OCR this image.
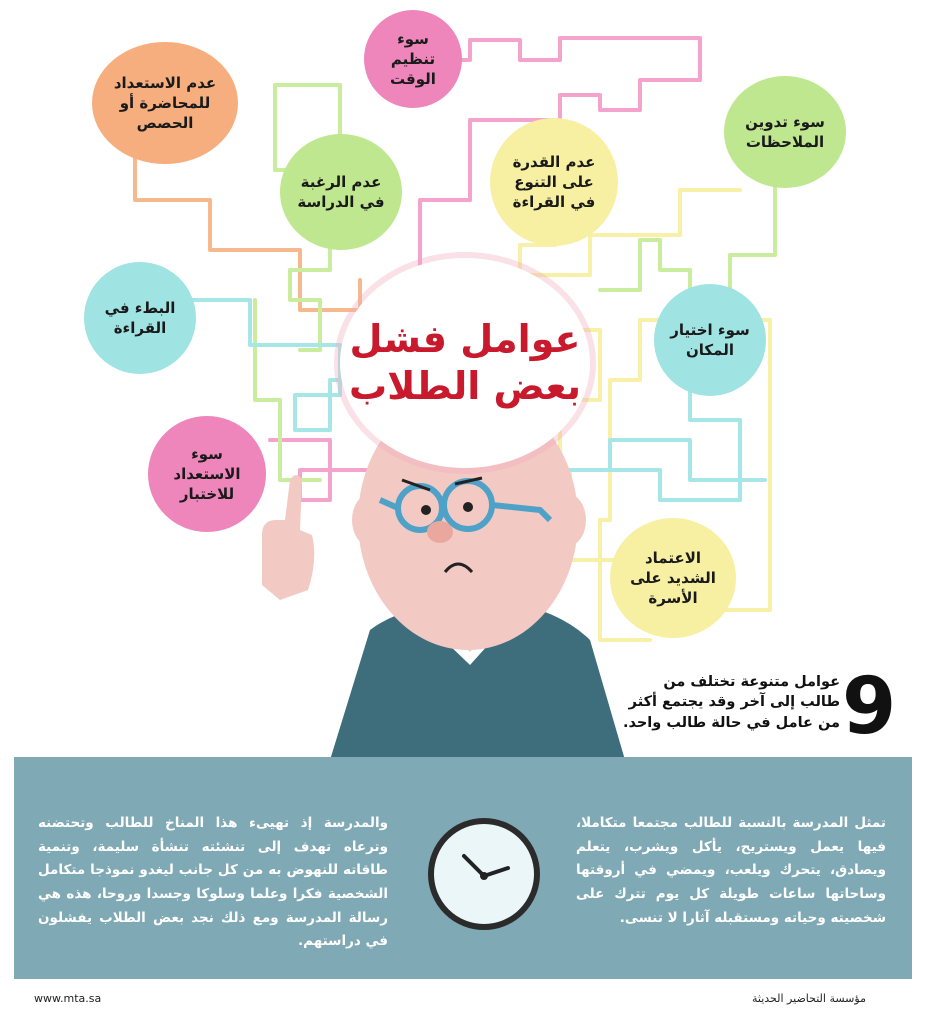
عوامل فشل
بعض الطلاب
سوء تنظيم الوقت
عدم الاستعداد للمحاضرة أو الحصص	سوء تدوين الملاحظات
عدم القدرة على التنوع في القراءة
عدم الرغبة في الدراسة
البطء في القراءة	سوء اختيار المكان
سوء الاستعداد للاختبار
الاعتماد الشديد على الأسرة
9
عوامل متنوعة تختلف من طالب إلى آخر وقد يجتمع أكثر من عامل في حالة طالب واحد.
تمثل المدرسة بالنسبة للطالب مجتمعا متكاملا، فيها يعمل ويستريح، يأكل ويشرب، يتعلم ويصادق، يتحرك ويلعب، ويمضي في أروقتها وساحاتها ساعات طويلة كل يوم تترك على شخصيته وحياته ومستقبله آثارا لا تنسى.
والمدرسة إذ تهيىء هذا المناخ للطالب وتحتضنه وترعاه تهدف إلى تنشئته تنشأة سليمة، وتنمية طاقاته للنهوض به من كل جانب ليغدو نموذجا متكامل الشخصية فكرا وعلما وسلوكا وجسدا وروحا، هذه هي رسالة المدرسة ومع ذلك نجد بعض الطلاب يفشلون في دراستهم.
www.mta.sa	مؤسسة التحاضير الحديثة
